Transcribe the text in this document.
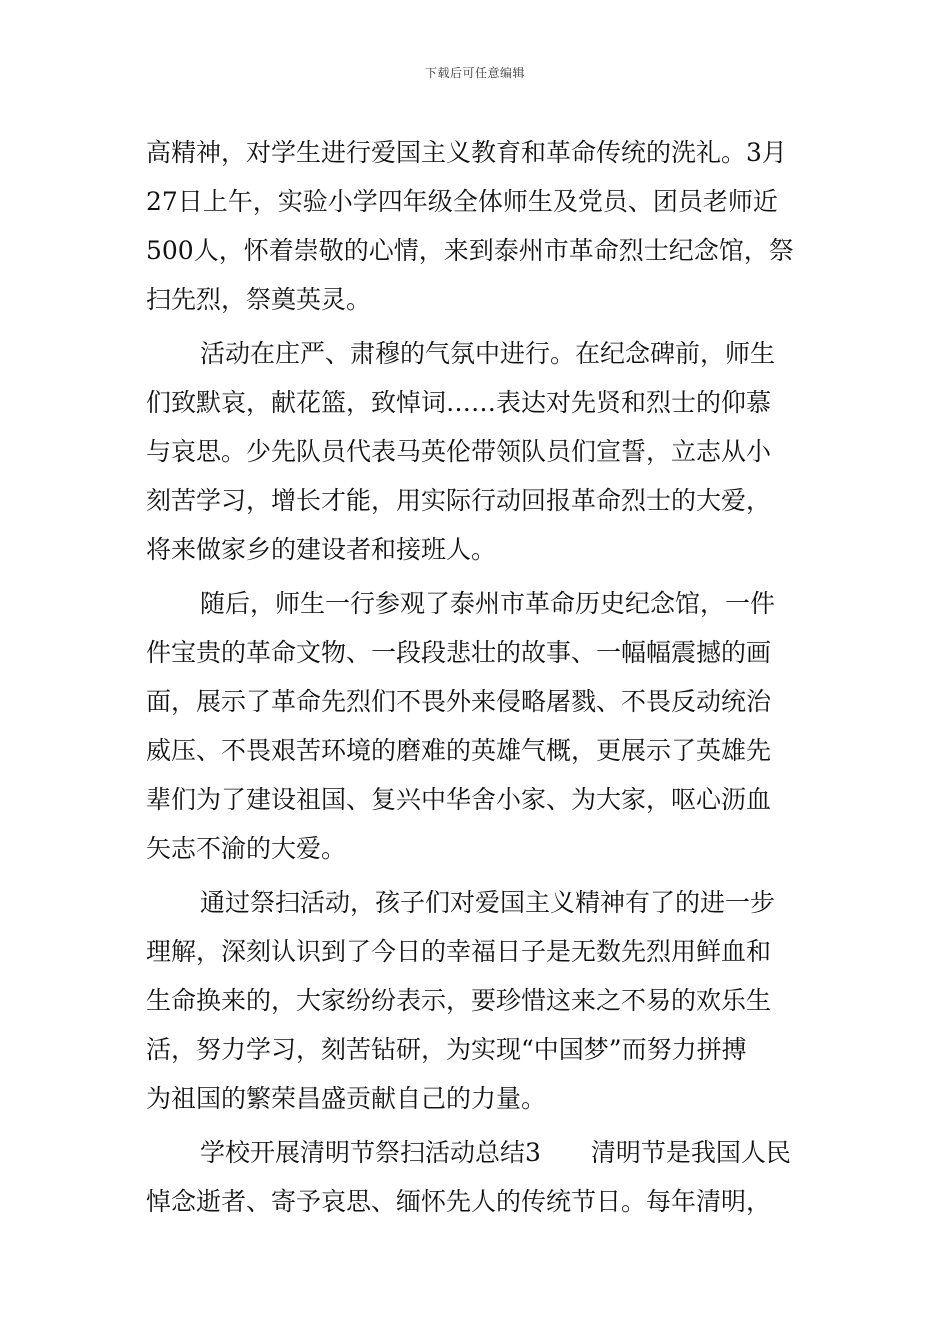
下载后可任意编辑
高精神，对学生进行爱国主义教育和革命传统的洗礼。3月
27日上午，实验小学四年级全体师生及党员、团员老师近
500人，怀着崇敬的心情，来到泰州市革命烈士纪念馆，祭
扫先烈，祭奠英灵。
活动在庄严、肃穆的气氛中进行。在纪念碑前，师生
们致默哀，献花篮，致悼词……表达对先贤和烈士的仰慕
与哀思。少先队员代表马英伦带领队员们宣誓，立志从小
刻苦学习，增长才能，用实际行动回报革命烈士的大爱，
将来做家乡的建设者和接班人。
随后，师生一行参观了泰州市革命历史纪念馆，一件
件宝贵的革命文物、一段段悲壮的故事、一幅幅震撼的画
面，展示了革命先烈们不畏外来侵略屠戮、不畏反动统治
威压、不畏艰苦环境的磨难的英雄气概，更展示了英雄先
辈们为了建设祖国、复兴中华舍小家、为大家，呕心沥血
矢志不渝的大爱。
通过祭扫活动，孩子们对爱国主义精神有了的进一步
理解，深刻认识到了今日的幸福日子是无数先烈用鲜血和
生命换来的，大家纷纷表示，要珍惜这来之不易的欢乐生
活，努力学习，刻苦钻研，为实现“中国梦”而努力拼搏
为祖国的繁荣昌盛贡献自己的力量。
学校开展清明节祭扫活动总结3　　清明节是我国人民
悼念逝者、寄予哀思、缅怀先人的传统节日。每年清明，
